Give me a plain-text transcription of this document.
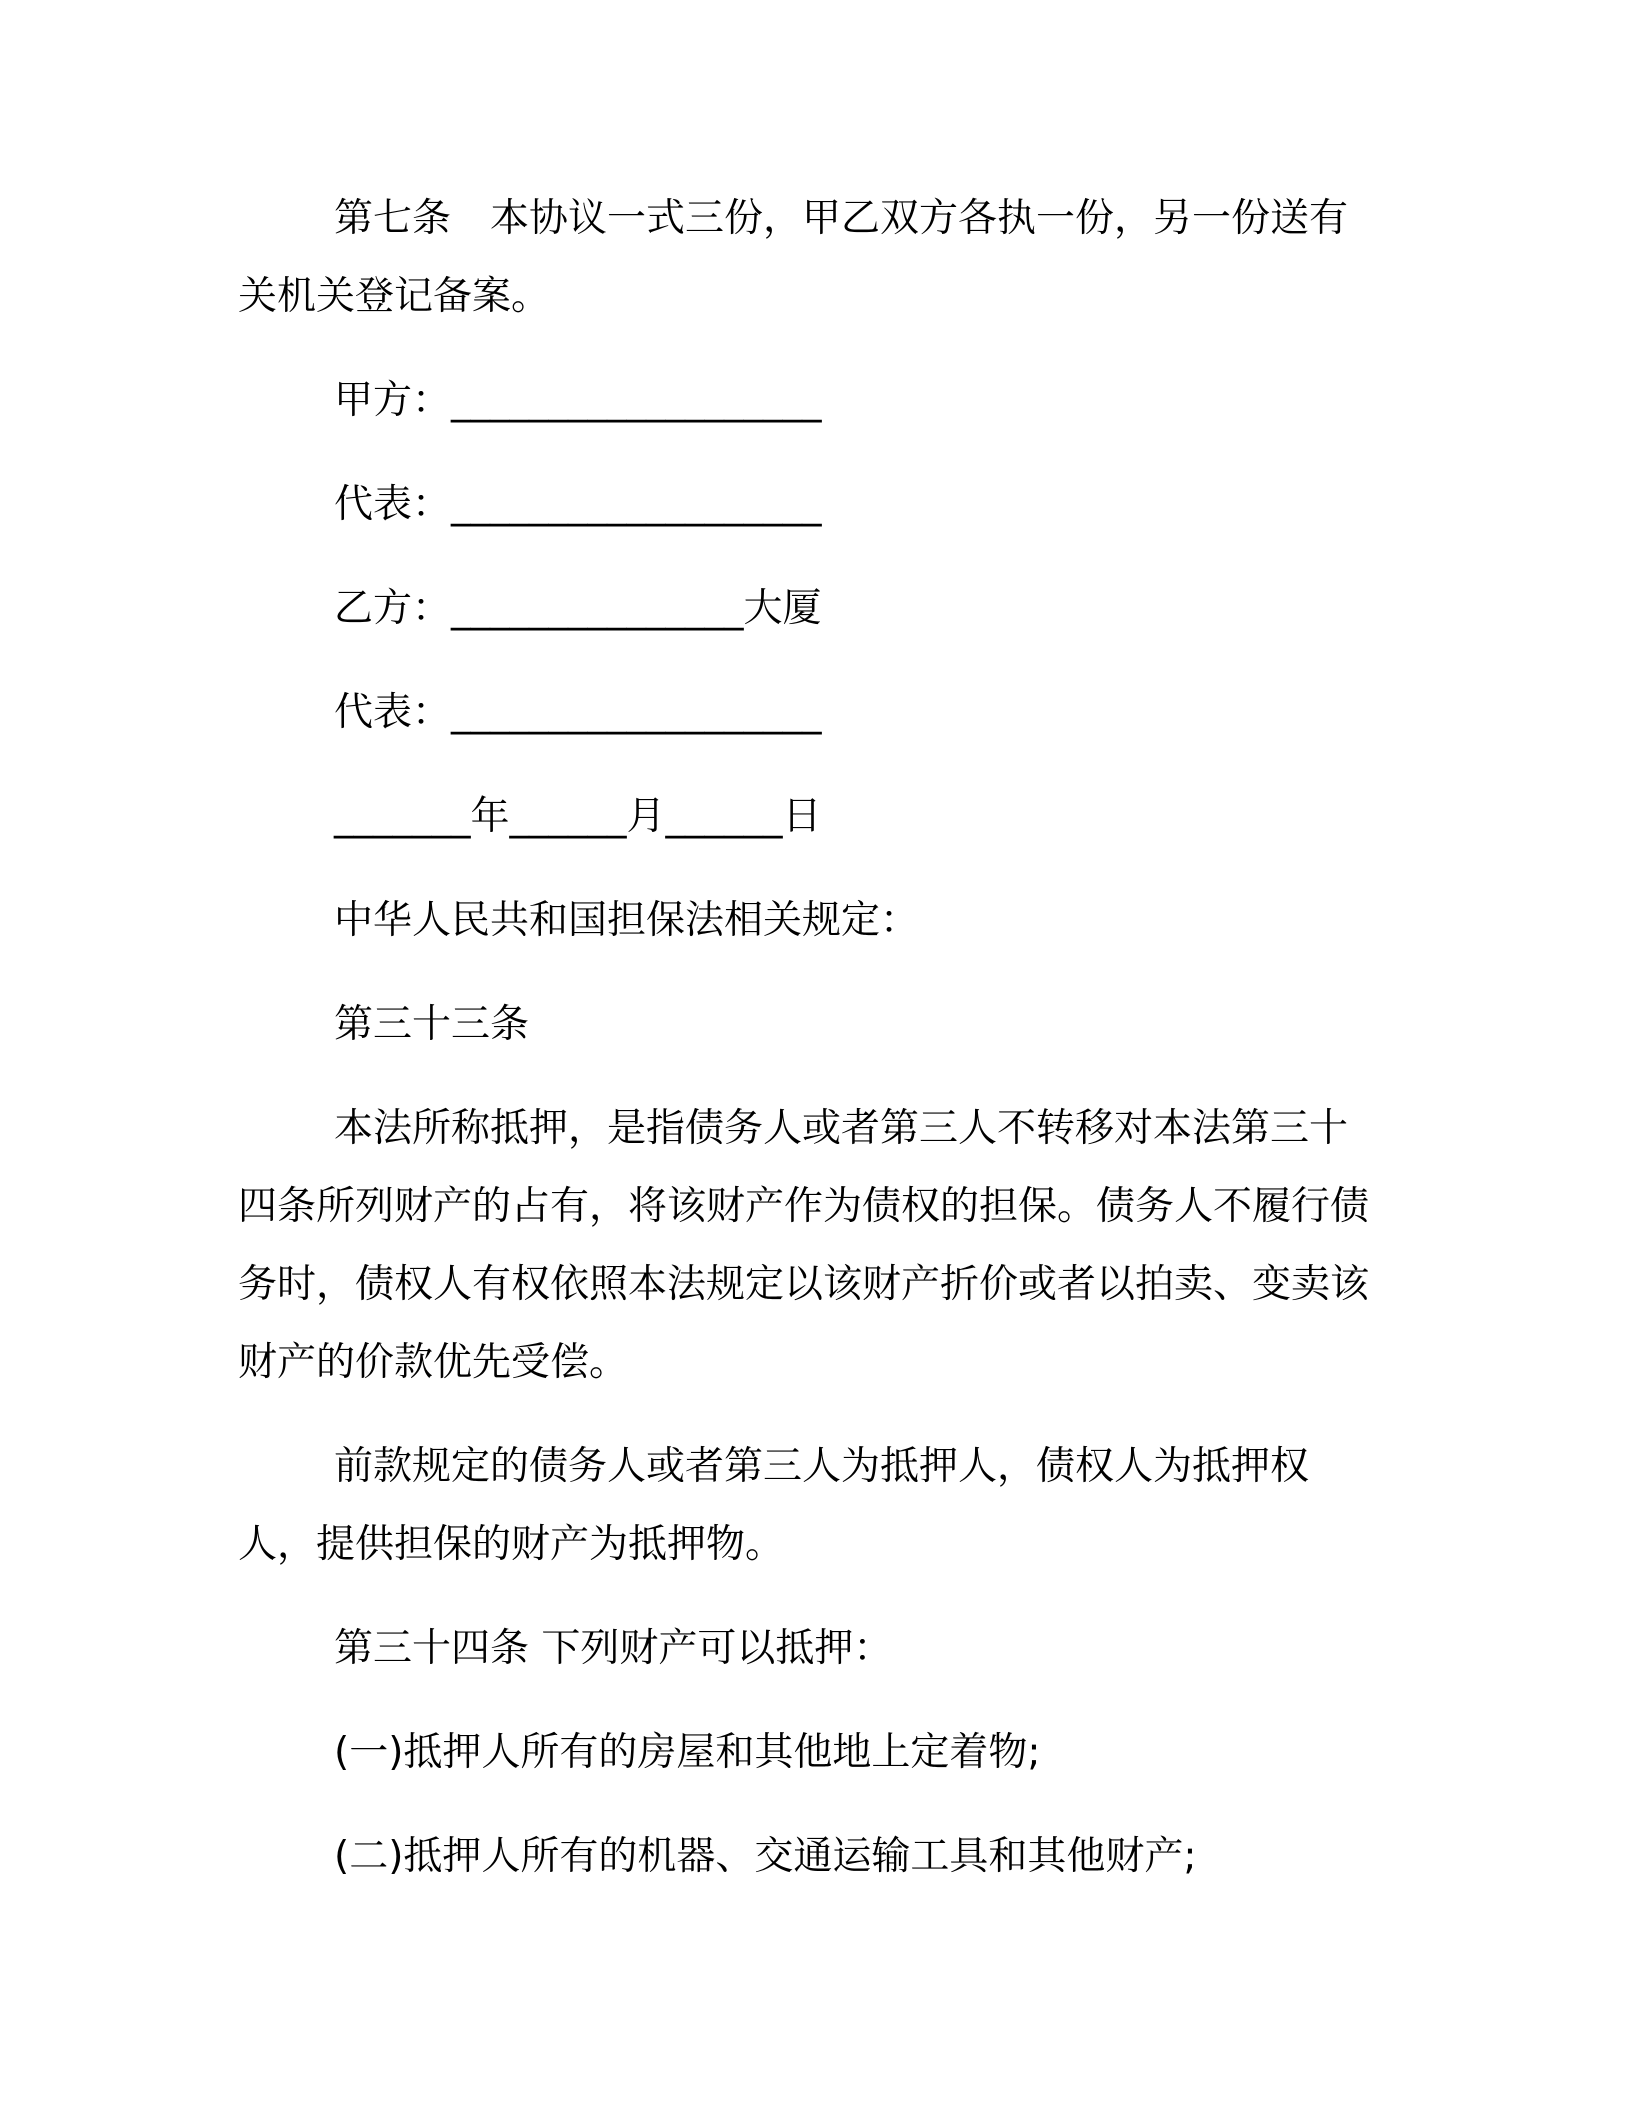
第七条　本协议一式三份，甲乙双方各执一份，另一份送有关机关登记备案。

甲方：___________________

代表：___________________

乙方：_______________大厦

代表：___________________

_______年______月______日

中华人民共和国担保法相关规定：

第三十三条

本法所称抵押，是指债务人或者第三人不转移对本法第三十四条所列财产的占有，将该财产作为债权的担保。债务人不履行债务时，债权人有权依照本法规定以该财产折价或者以拍卖、变卖该财产的价款优先受偿。

前款规定的债务人或者第三人为抵押人，债权人为抵押权人，提供担保的财产为抵押物。

第三十四条 下列财产可以抵押：

(一)抵押人所有的房屋和其他地上定着物;

(二)抵押人所有的机器、交通运输工具和其他财产;
